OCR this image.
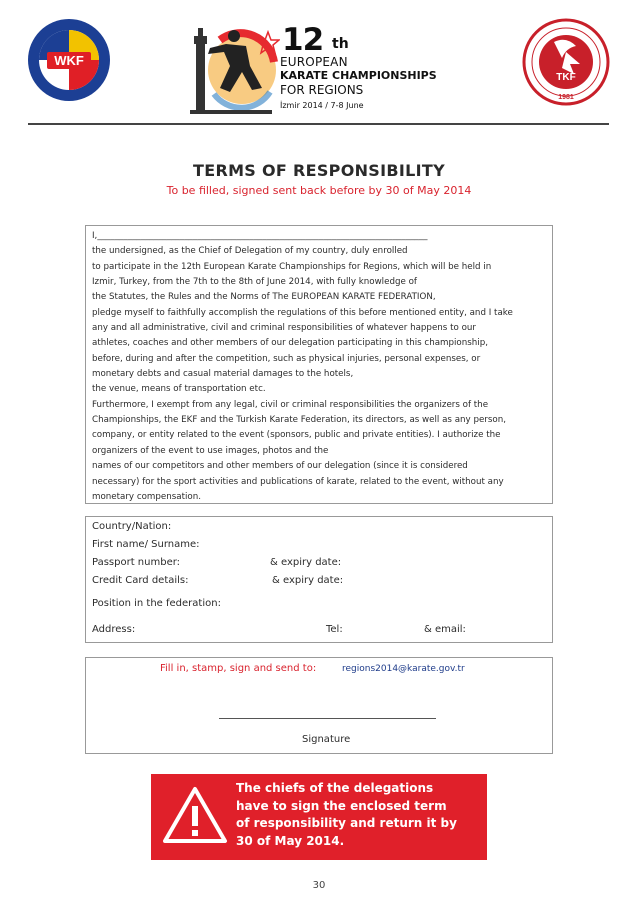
WKF
12 th
EUROPEAN
KARATE CHAMPIONSHIPS
FOR REGIONS
İzmir 2014 / 7-8 June
TKF
1981
TERMS OF RESPONSIBILITY
To be filled, signed sent back before by 30 of May 2014
I,____________________________________________________________________________
the undersigned, as the Chief of Delegation of my country, duly enrolled
to participate in the 12th European Karate Championships for Regions, which will be held in
Izmir, Turkey, from the 7th to the 8th of June 2014, with fully knowledge of
the Statutes, the Rules and the Norms of The EUROPEAN KARATE FEDERATION,
pledge myself to faithfully accomplish the regulations of this before mentioned entity, and I take
any and all administrative, civil and criminal responsibilities of whatever happens to our
athletes, coaches and other members of our delegation participating in this championship,
before, during and after the competition, such as physical injuries, personal expenses, or
monetary debts and casual material damages to the hotels,
the venue, means of transportation etc.
Furthermore, I exempt from any legal, civil or criminal responsibilities the organizers of the
Championships, the EKF and the Turkish Karate Federation, its directors, as well as any person,
company, or entity related to the event (sponsors, public and private entities). I authorize the
organizers of the event to use images, photos and the
names of our competitors and other members of our delegation (since it is considered
necessary) for the sport activities and publications of karate, related to the event, without any
monetary compensation.
Country/Nation:
First name/ Surname:
Passport number:	& expiry date:
Credit Card details:	& expiry date:
Position in the federation:
Address:	Tel:	& email:
Fill in, stamp, sign and send to:	regions2014@karate.gov.tr
Signature
The chiefs of the delegations
have to sign the enclosed term
of responsibility and return it by
30 of May 2014.
30
